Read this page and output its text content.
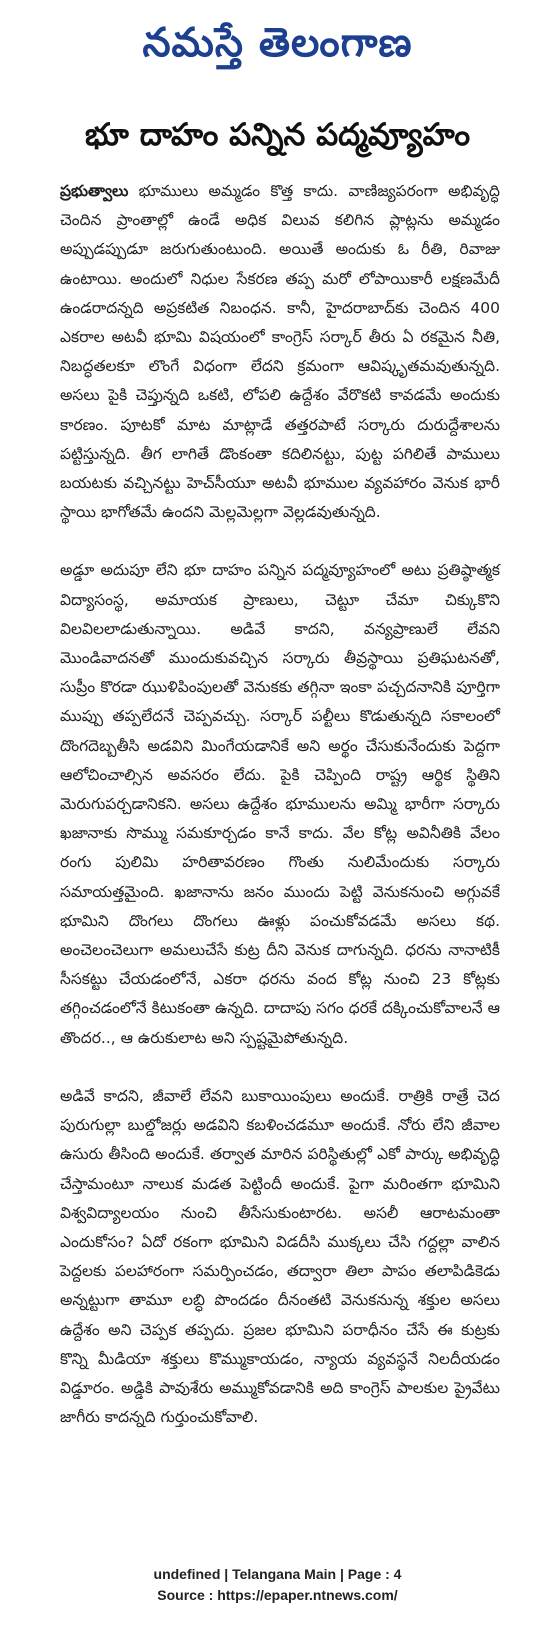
నమస్తే తెలంగాణ
భూ దాహం పన్నిన పద్మవ్యూహం

ప్రభుత్వాలు భూములు అమ్మడం కొత్త కాదు. వాణిజ్యపరంగా అభివృద్ధి చెందిన ప్రాంతాల్లో ఉండే అధిక విలువ కలిగిన ప్లాట్లను అమ్మడం అప్పుడప్పుడూ జరుగుతుంటుంది. అయితే అందుకు ఓ రీతి, రివాజు ఉంటాయి. అందులో నిధుల సేకరణ తప్ప మరో లోపాయికారీ లక్షణమేదీ ఉండరాదన్నది అప్రకటిత నిబంధన. కానీ, హైదరాబాద్‌కు చెందిన 400 ఎకరాల అటవీ భూమి విషయంలో కాంగ్రెస్ సర్కార్ తీరు ఏ రకమైన నీతి, నిబద్ధతలకూ లొంగే విధంగా లేదని క్రమంగా ఆవిష్కృతమవుతున్నది. అసలు పైకి చెప్తున్నది ఒకటి, లోపలి ఉద్దేశం వేరొకటి కావడమే అందుకు కారణం. పూటకో మాట మాట్లాడే తత్తరపాటే సర్కారు దురుద్దేశాలను పట్టిస్తున్నది. తీగ లాగితే డొంకంతా కదిలినట్టు, పుట్ట పగిలితే పాములు బయటకు వచ్చినట్టు హెచ్‌సీయూ అటవీ భూముల వ్యవహారం వెనుక భారీ స్థాయి భాగోతమే ఉందని మెల్లమెల్లగా వెల్లడవుతున్నది.

అడ్డూ అదుపూ లేని భూ దాహం పన్నిన పద్మవ్యూహంలో అటు ప్రతిష్ఠాత్మక విద్యాసంస్థ, అమాయక ప్రాణులు, చెట్టూ చేమా చిక్కుకొని విలవిలలాడుతున్నాయి. అడివే కాదని, వన్యప్రాణులే లేవని మొండివాదనతో ముందుకువచ్చిన సర్కారు తీవ్రస్థాయి ప్రతిఘటనతో, సుప్రీం కొరడా ఝుళిపింపులతో వెనుకకు తగ్గినా ఇంకా పచ్చదనానికి పూర్తిగా ముప్పు తప్పలేదనే చెప్పవచ్చు. సర్కార్ పల్టీలు కొడుతున్నది సకాలంలో దొంగదెబ్బతీసి అడవిని మింగేయడానికే అని అర్థం చేసుకునేందుకు పెద్దగా ఆలోచించాల్సిన అవసరం లేదు. పైకి చెప్పింది రాష్ట్ర ఆర్థిక స్థితిని మెరుగుపర్చడానికని. అసలు ఉద్దేశం భూములను అమ్మి భారీగా సర్కారు ఖజానాకు సొమ్ము సమకూర్చడం కానే కాదు. వేల కోట్ల అవినీతికి వేలం రంగు పులిమి హరితావరణం గొంతు నులిమేందుకు సర్కారు సమాయత్తమైంది. ఖజానాను జనం ముందు పెట్టి వెనుకనుంచి అగ్గువకే భూమిని దొంగలు దొంగలు ఊళ్లు పంచుకోవడమే అసలు కథ. అంచెలంచెలుగా అమలుచేసే కుట్ర దీని వెనుక దాగున్నది. ధరను నానాటికీ సీసకట్టు చేయడంలోనే, ఎకరా ధరను వంద కోట్ల నుంచి 23 కోట్లకు తగ్గించడంలోనే కిటుకంతా ఉన్నది. దాదాపు సగం ధరకే దక్కించుకోవాలనే ఆ తొందర.., ఆ ఉరుకులాట అని స్పష్టమైపోతున్నది.

అడివే కాదని, జీవాలే లేవని బుకాయింపులు అందుకే. రాత్రికి రాత్రే చెద పురుగుల్లా బుల్డోజర్లు అడవిని కబళించడమూ అందుకే. నోరు లేని జీవాల ఉసురు తీసింది అందుకే. తర్వాత మారిన పరిస్థితుల్లో ఎకో పార్కు అభివృద్ధి చేస్తామంటూ నాలుక మడత పెట్టిందీ అందుకే. పైగా మరింతగా భూమిని విశ్వవిద్యాలయం నుంచి తీసేసుకుంటారట. అసలీ ఆరాటమంతా ఎందుకోసం? ఏదో రకంగా భూమిని విడదీసి ముక్కలు చేసి గద్దల్లా వాలిన పెద్దలకు పలహారంగా సమర్పించడం, తద్వారా తిలా పాపం తలాపిడికెడు అన్నట్టుగా తామూ లబ్ధి పొందడం దీనంతటి వెనుకనున్న శక్తుల అసలు ఉద్దేశం అని చెప్పక తప్పదు. ప్రజల భూమిని పరాధీనం చేసే ఈ కుట్రకు కొన్ని మీడియా శక్తులు కొమ్ముకాయడం, న్యాయ వ్యవస్థనే నిలదీయడం విడ్డూరం. అడ్డికి పావుశేరు అమ్ముకోవడానికి అది కాంగ్రెస్ పాలకుల ప్రైవేటు జాగీరు కాదన్నది గుర్తుంచుకోవాలి.

undefined | Telangana Main | Page : 4
Source : https://epaper.ntnews.com/
